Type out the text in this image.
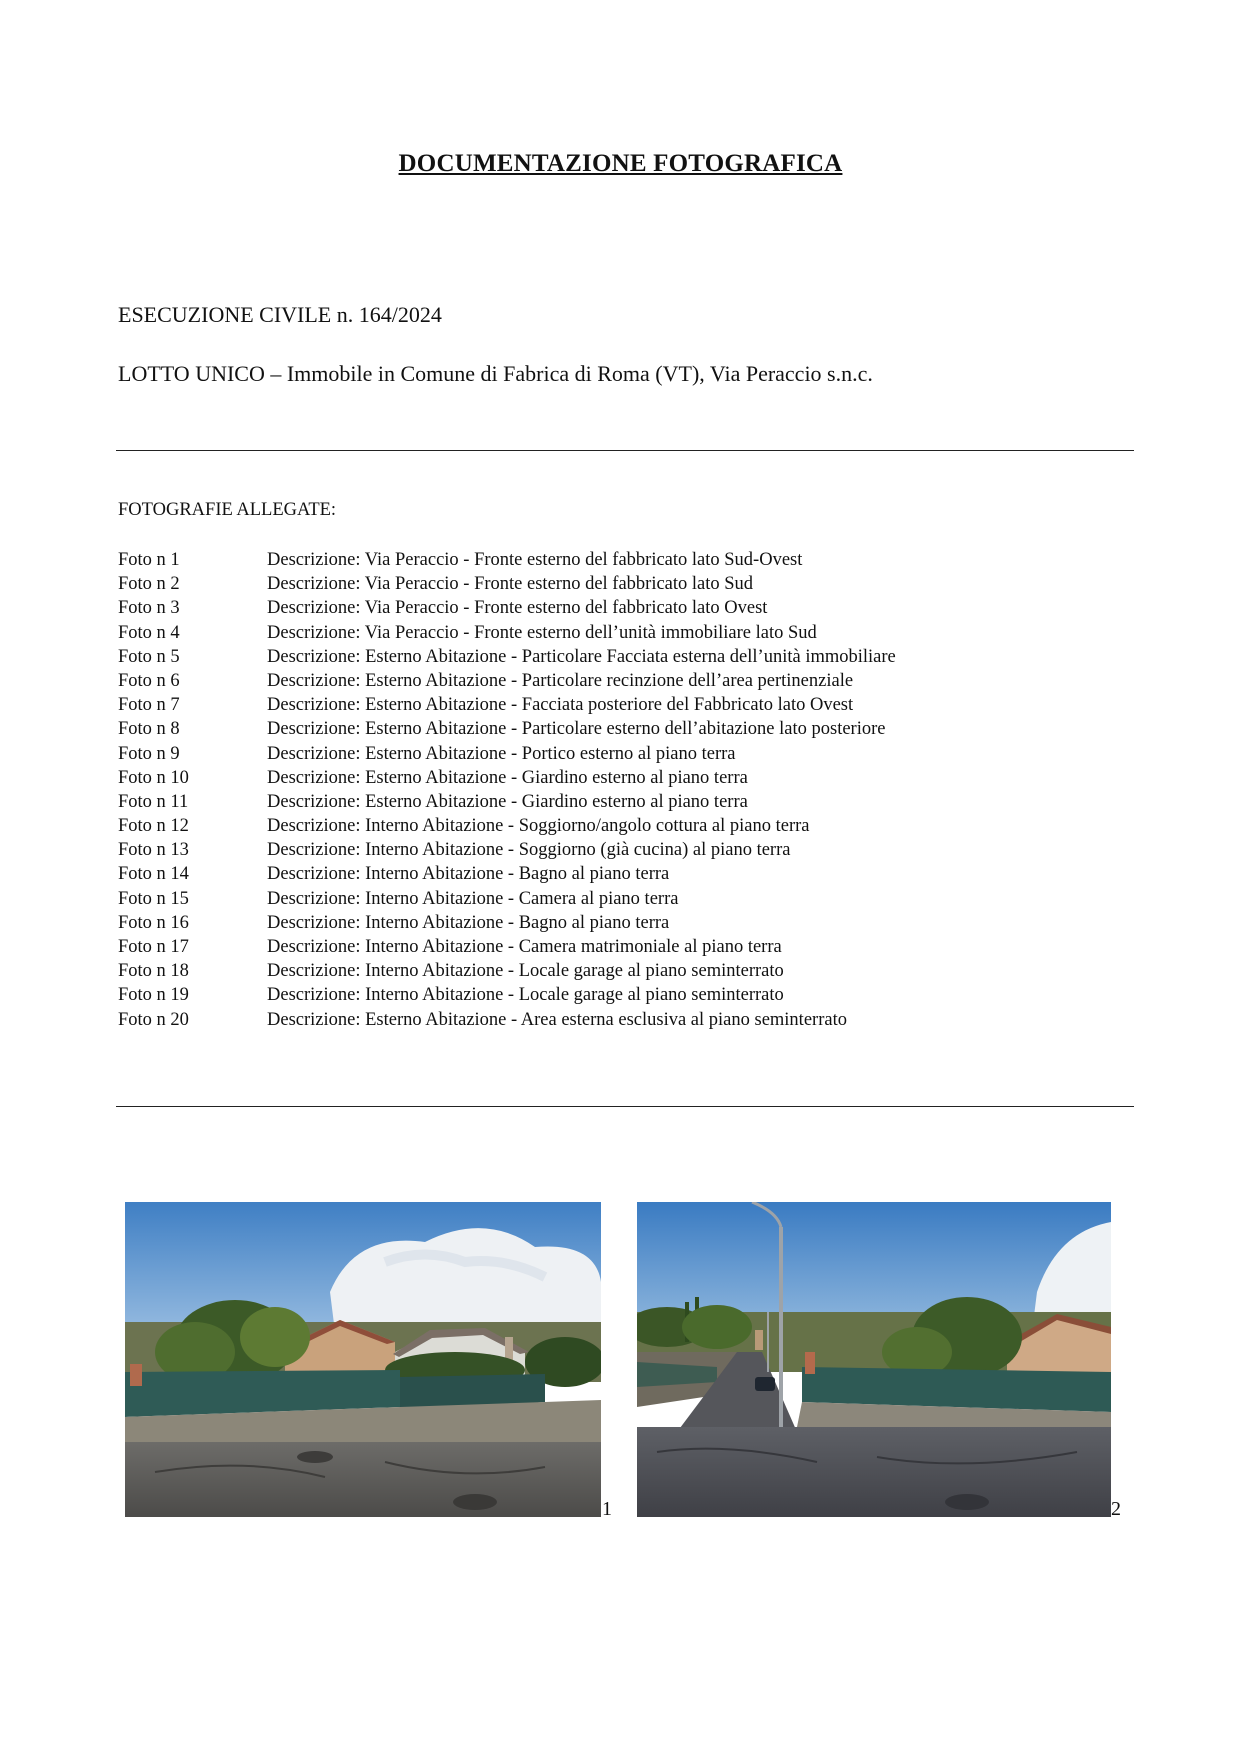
DOCUMENTAZIONE FOTOGRAFICA
ESECUZIONE CIVILE n. 164/2024
LOTTO UNICO – Immobile in Comune di Fabrica di Roma (VT), Via Peraccio s.n.c.
FOTOGRAFIE ALLEGATE:
Foto n 1	Descrizione: Via Peraccio - Fronte esterno del fabbricato lato Sud-Ovest
Foto n 2	Descrizione: Via Peraccio - Fronte esterno del fabbricato lato Sud
Foto n 3	Descrizione: Via Peraccio - Fronte esterno del fabbricato lato Ovest
Foto n 4	Descrizione: Via Peraccio - Fronte esterno dell’unità immobiliare lato Sud
Foto n 5	Descrizione: Esterno Abitazione - Particolare Facciata esterna dell’unità immobiliare
Foto n 6	Descrizione: Esterno Abitazione - Particolare recinzione dell’area pertinenziale
Foto n 7	Descrizione: Esterno Abitazione - Facciata posteriore del Fabbricato lato Ovest
Foto n 8	Descrizione: Esterno Abitazione - Particolare esterno dell’abitazione lato posteriore
Foto n 9	Descrizione: Esterno Abitazione - Portico esterno al piano terra
Foto n 10	Descrizione: Esterno Abitazione - Giardino esterno al piano terra
Foto n 11	Descrizione: Esterno Abitazione - Giardino esterno al piano terra
Foto n 12	Descrizione: Interno Abitazione - Soggiorno/angolo cottura al piano terra
Foto n 13	Descrizione: Interno Abitazione - Soggiorno (già cucina) al piano terra
Foto n 14	Descrizione: Interno Abitazione - Bagno al piano terra
Foto n 15	Descrizione: Interno Abitazione - Camera al piano terra
Foto n 16	Descrizione: Interno Abitazione - Bagno al piano terra
Foto n 17	Descrizione: Interno Abitazione - Camera matrimoniale al piano terra
Foto n 18	Descrizione: Interno Abitazione - Locale garage al piano seminterrato
Foto n 19	Descrizione: Interno Abitazione - Locale garage al piano seminterrato
Foto n 20	Descrizione: Esterno Abitazione - Area esterna esclusiva al piano seminterrato
1	2
